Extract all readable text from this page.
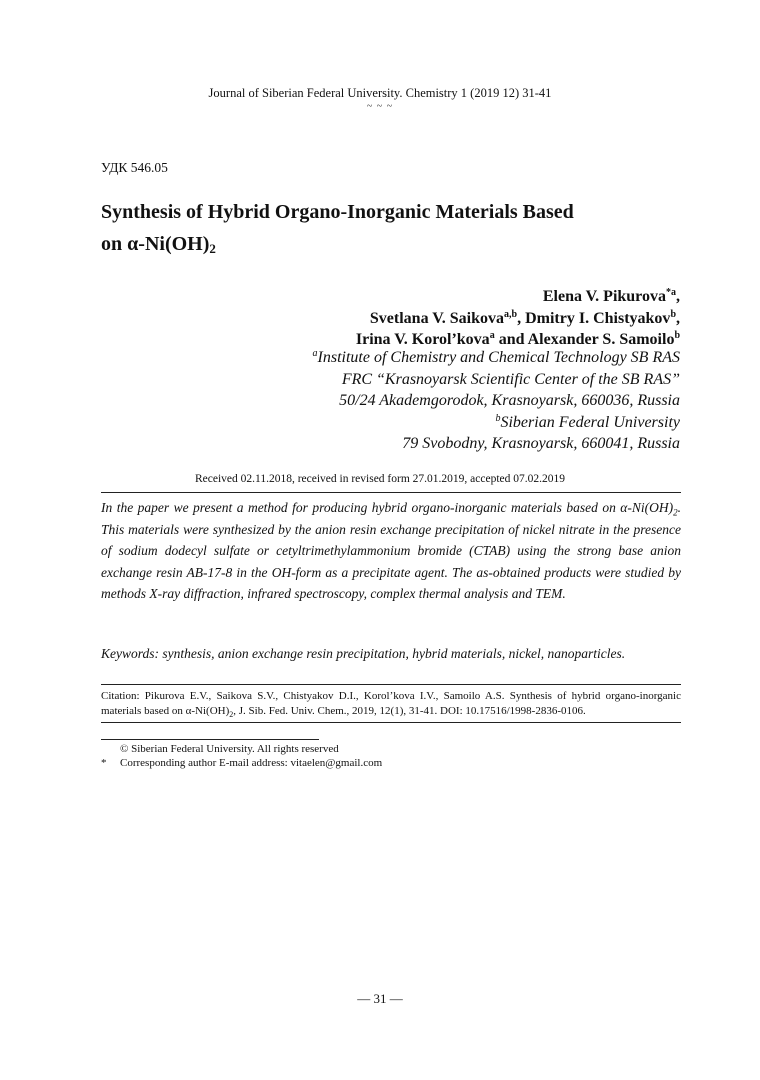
Journal of Siberian Federal University. Chemistry 1 (2019 12) 31-41
~ ~ ~
УДК 546.05
Synthesis of Hybrid Organo-Inorganic Materials Based
on $\alpha-Ni(OH)_2$
Elena V. Pikurova$^{*a}$,
Svetlana V. Saikova$^{a,b}$, Dmitry I. Chistyakov$^b$,
Irina V. Korol’kova$^a$ and Alexander S. Samoilo$^b$
$^a$Institute of Chemistry and Chemical Technology SB RAS
FRC “Krasnoyarsk Scientific Center of the SB RAS”
50/24 Akademgorodok, Krasnoyarsk, 660036, Russia
$^b$Siberian Federal University
79 Svobodny, Krasnoyarsk, 660041, Russia
Received 02.11.2018, received in revised form 27.01.2019, accepted 07.02.2019
In the paper we present a method for producing hybrid organo-inorganic materials based on $\alpha-Ni(OH)_2$. This materials were synthesized by the anion resin exchange precipitation of nickel nitrate in the presence of sodium dodecyl sulfate or cetyltrimethylammonium bromide (CTAB) using the strong base anion exchange resin AB-17-8 in the OH-form as a precipitate agent. The as-obtained products were studied by methods X-ray diffraction, infrared spectroscopy, complex thermal analysis and TEM.
Keywords: synthesis, anion exchange resin precipitation, hybrid materials, nickel, nanoparticles.
Citation: Pikurova E.V., Saikova S.V., Chistyakov D.I., Korol’kova I.V., Samoilo A.S. Synthesis of hybrid organo-inorganic materials based on $\alpha-Ni(OH)_2$, J. Sib. Fed. Univ. Chem., 2019, 12(1), 31-41. DOI: 10.17516/1998-2836-0106.
© Siberian Federal University. All rights reserved
* Corresponding author E-mail address: vitaelen@gmail.com
— 31 —
